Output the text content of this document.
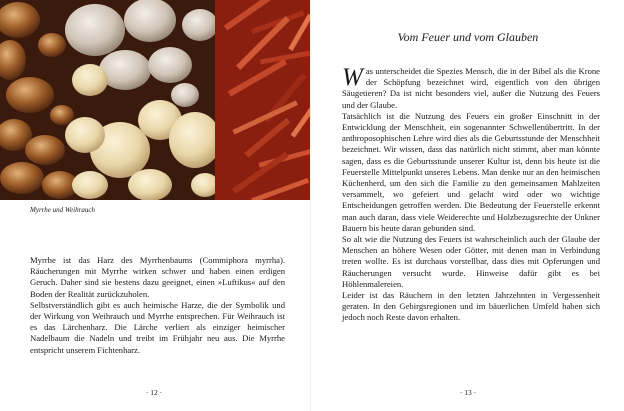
Myrrhe und Weihrauch

Myrrhe ist das Harz des Myrrhenbaums (Commiphora myrrha). Räucherungen mit Myrrhe wirken schwer und haben einen erdigen Geruch. Daher sind sie bestens dazu geeignet, einen »Luftikus« auf den Boden der Realität zurückzuholen.

Selbstverständlich gibt es auch heimische Harze, die der Symbolik und der Wirkung von Weihrauch und Myrrhe entsprechen. Für Weihrauch ist es das Lärchenharz. Die Lärche verliert als einziger heimischer Nadelbaum die Nadeln und treibt im Frühjahr neu aus. Die Myrrhe entspricht unserem Fichtenharz.

· 12 ·
Vom Feuer und vom Glauben

Was unterscheidet die Spezies Mensch, die in der Bibel als die Krone der Schöpfung bezeichnet wird, eigentlich von den übrigen Säugetieren? Da ist nicht besonders viel, außer die Nutzung des Feuers und der Glaube.

Tatsächlich ist die Nutzung des Feuers ein großer Einschnitt in der Entwicklung der Menschheit, ein sogenannter Schwellenübertritt. In der anthroposophischen Lehre wird dies als die Geburtsstunde der Menschheit bezeichnet. Wir wissen, dass das natürlich nicht stimmt, aber man könnte sagen, dass es die Geburtsstunde unserer Kultur ist, denn bis heute ist die Feuerstelle Mittelpunkt unseres Lebens. Man denke nur an den heimischen Küchenherd, um den sich die Familie zu den gemeinsamen Mahlzeiten versammelt, wo gefeiert und gelacht wird oder wo wichtige Entscheidungen getroffen werden. Die Bedeutung der Feuerstelle erkennt man auch daran, dass viele Weiderechte und Holzbezugsrechte der Unkner Bauern bis heute daran gebunden sind.

So alt wie die Nutzung des Feuers ist wahrscheinlich auch der Glaube der Menschen an höhere Wesen oder Götter, mit denen man in Verbindung treten wollte. Es ist durchaus vorstellbar, dass dies mit Opferungen und Räucherungen versucht wurde. Hinweise dafür gibt es bei Höhlenmalereien.

Leider ist das Räuchern in den letzten Jahrzehnten in Vergessenheit geraten. In den Gebirgsregionen und im bäuerlichen Umfeld haben sich jedoch noch Reste davon erhalten.

· 13 ·
